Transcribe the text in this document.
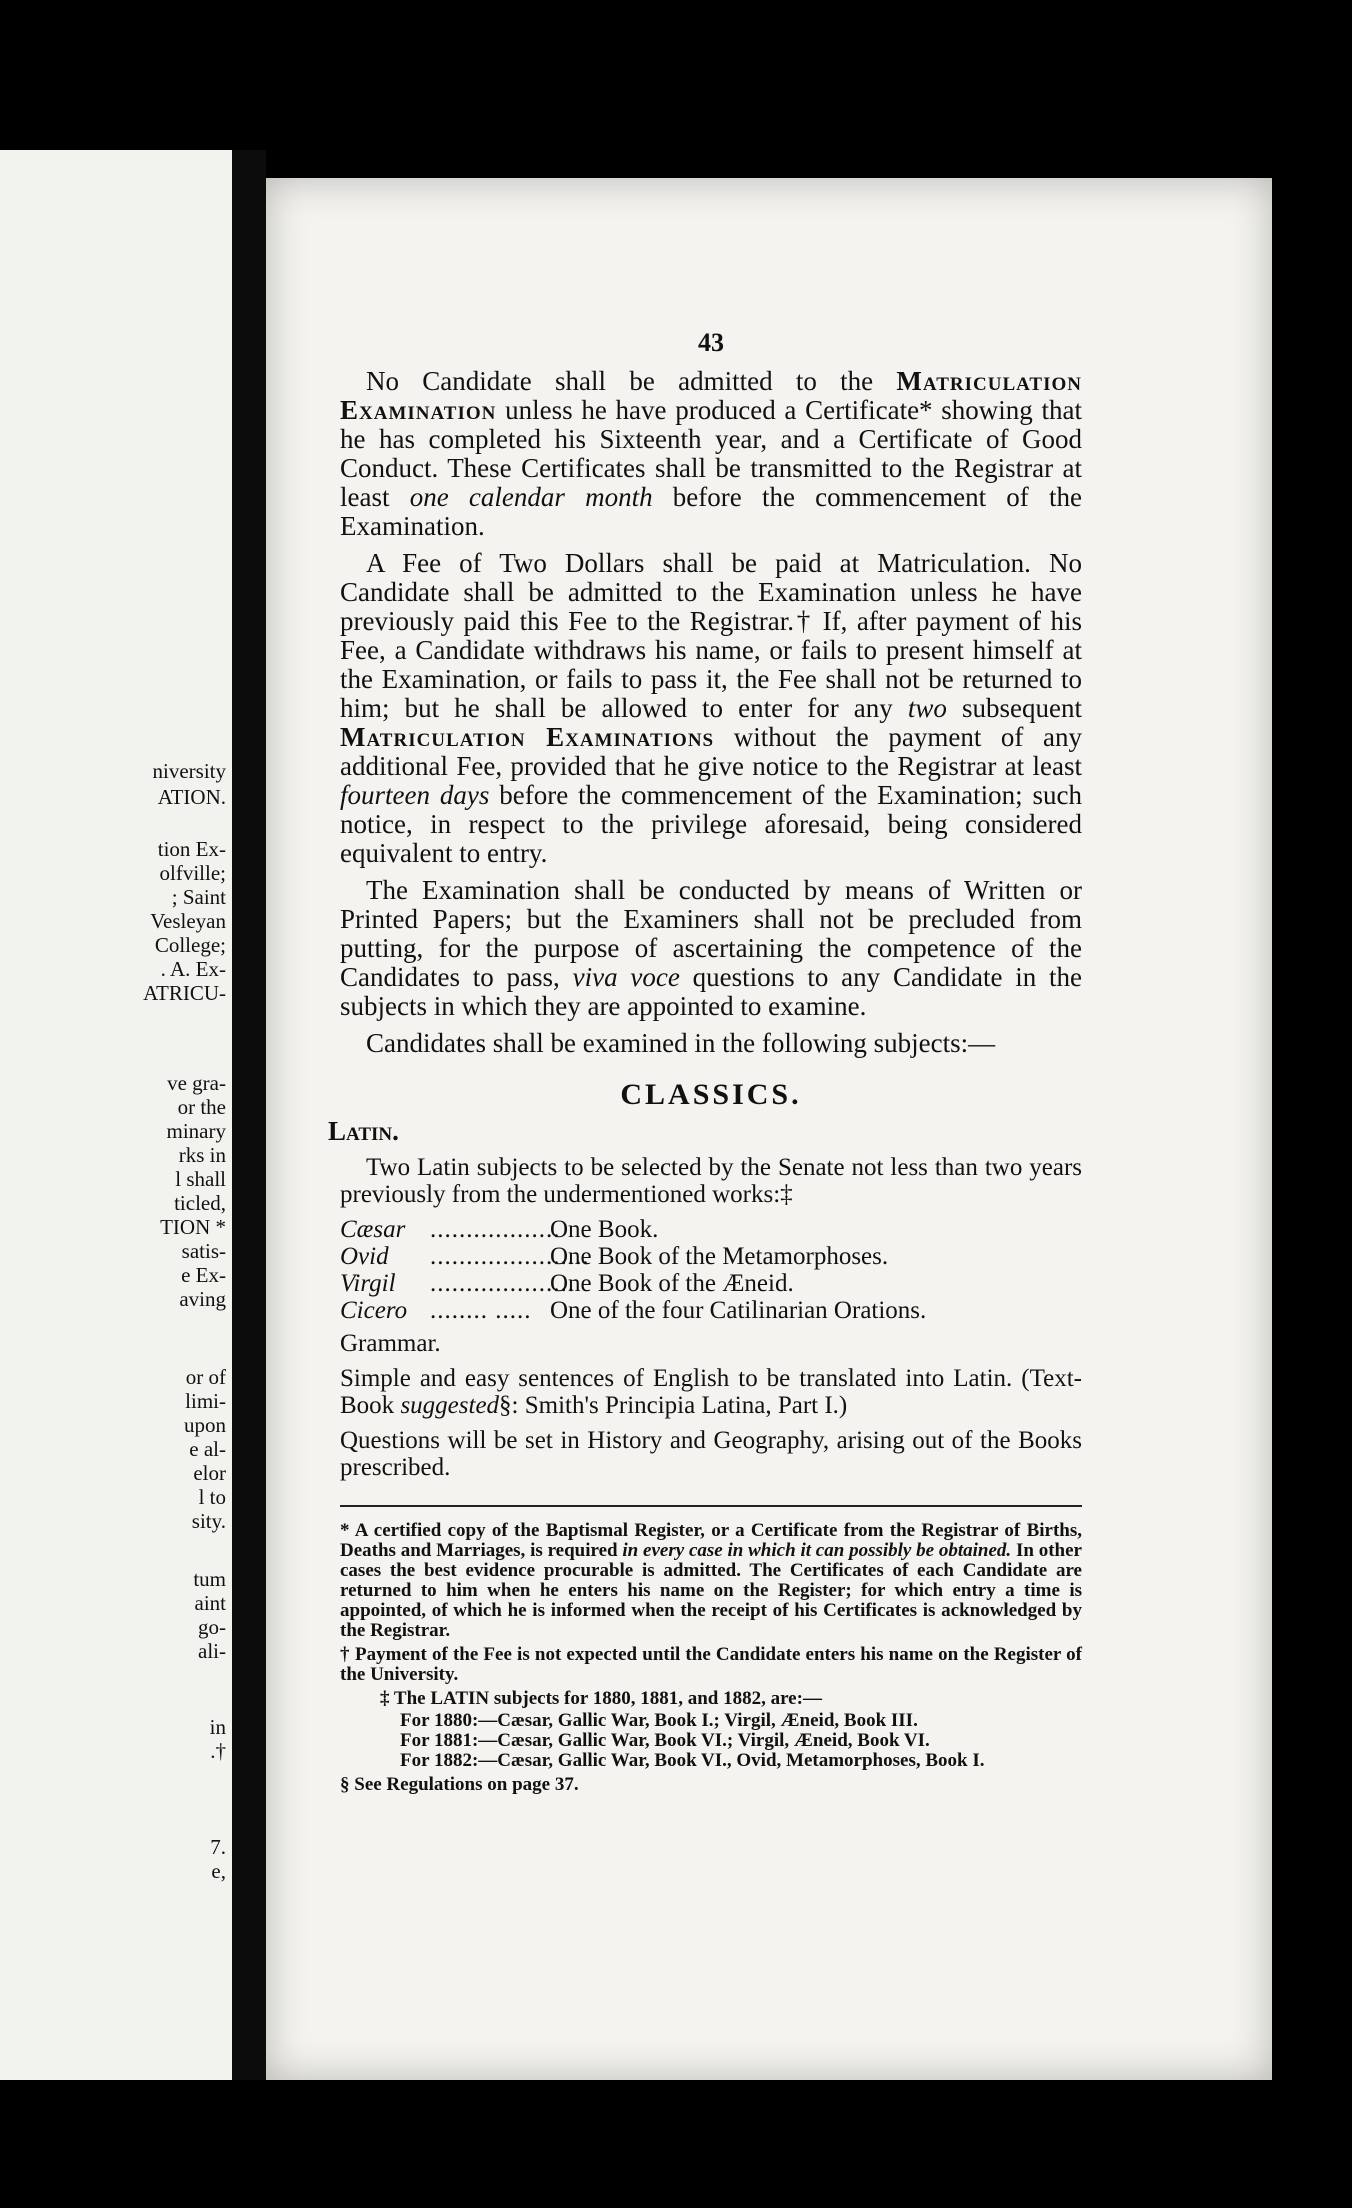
niversity
ATION.
tion Ex-
olfville;
; Saint
Vesleyan
College;
. A. Ex-
ATRICU-
ve gra-
or the
minary
rks in
l shall
ticled,
TION *
satis-
e Ex-
aving
or of
limi-
upon
e al-
elor
l to
sity.
tum
aint
go-
ali-
in
.†
7.
e,
43

No Candidate shall be admitted to the Matriculation Examination unless he have produced a Certificate* showing that he has completed his Sixteenth year, and a Certificate of Good Conduct. These Certificates shall be transmitted to the Registrar at least one calendar month before the commencement of the Examination.

A Fee of Two Dollars shall be paid at Matriculation. No Candidate shall be admitted to the Examination unless he have previously paid this Fee to the Registrar.† If, after payment of his Fee, a Candidate withdraws his name, or fails to present himself at the Examination, or fails to pass it, the Fee shall not be returned to him; but he shall be allowed to enter for any two subsequent Matriculation Examinations without the payment of any additional Fee, provided that he give notice to the Registrar at least fourteen days before the commencement of the Examination; such notice, in respect to the privilege aforesaid, being considered equivalent to entry.

The Examination shall be conducted by means of Written or Printed Papers; but the Examiners shall not be precluded from putting, for the purpose of ascertaining the competence of the Candidates to pass, viva voce questions to any Candidate in the subjects in which they are appointed to examine.

Candidates shall be examined in the following subjects:—

CLASSICS.
Latin.

Two Latin subjects to be selected by the Senate not less than two years previously from the undermentioned works:‡

Cæsar ..................
One Book.
Ovid	......................
One Book of the Metamorphoses.
Virgil	....................
One Book of the Æneid.
Cicero ........ ..... One of the four Catilinarian Orations.

Grammar.

Simple and easy sentences of English to be translated into Latin. (Text-Book suggested§: Smith's Principia Latina, Part I.)

Questions will be set in History and Geography, arising out of the Books prescribed.

* A certified copy of the Baptismal Register, or a Certificate from the Registrar of Births, Deaths and Marriages, is required in every case in which it can possibly be obtained. In other cases the best evidence procurable is admitted. The Certificates of each Candidate are returned to him when he enters his name on the Register; for which entry a time is appointed, of which he is informed when the receipt of his Certificates is acknowledged by the Registrar.

† Payment of the Fee is not expected until the Candidate enters his name on the Register of the University.

‡ The LATIN subjects for 1880, 1881, and 1882, are:—

For 1880:—Cæsar, Gallic War, Book I.; Virgil, Æneid, Book III.

For 1881:—Cæsar, Gallic War, Book VI.; Virgil, Æneid, Book VI.

For 1882:—Cæsar, Gallic War, Book VI., Ovid, Metamorphoses, Book I.

§ See Regulations on page 37.
